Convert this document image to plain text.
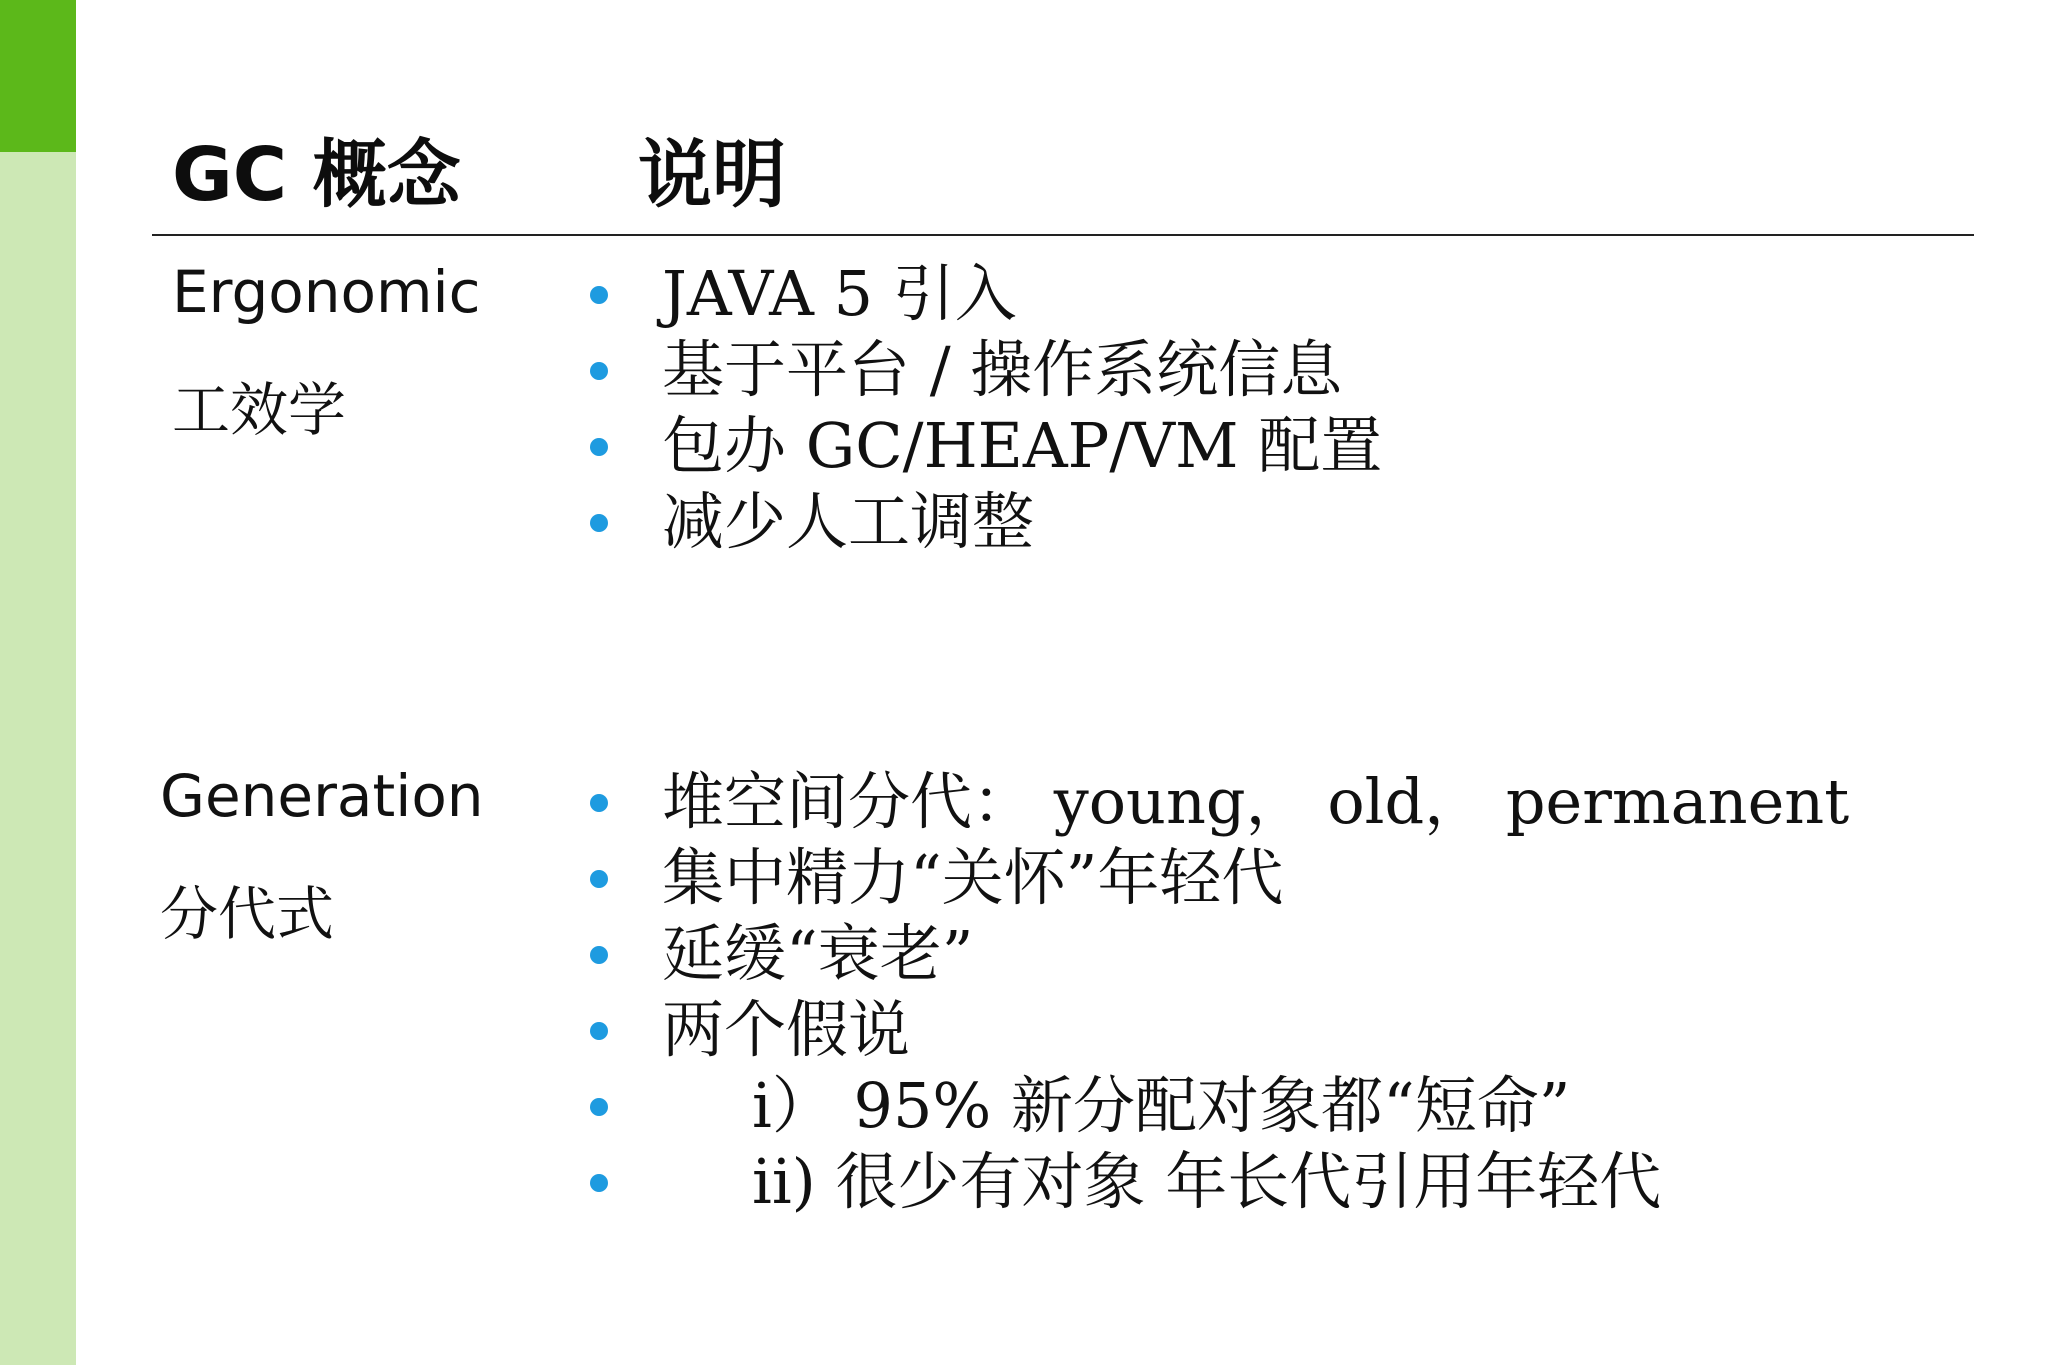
GC 概念 说明
Ergonomic
工效学
JAVA 5 引入
基于平台 / 操作系统信息
包办 GC/HEAP/VM 配置
减少人工调整
Generation
分代式
堆空间分代： young， old， permanent
集中精力“关怀”年轻代
延缓“衰老”
两个假说
i） 95% 新分配对象都“短命”
ii) 很少有对象 年长代引用年轻代
